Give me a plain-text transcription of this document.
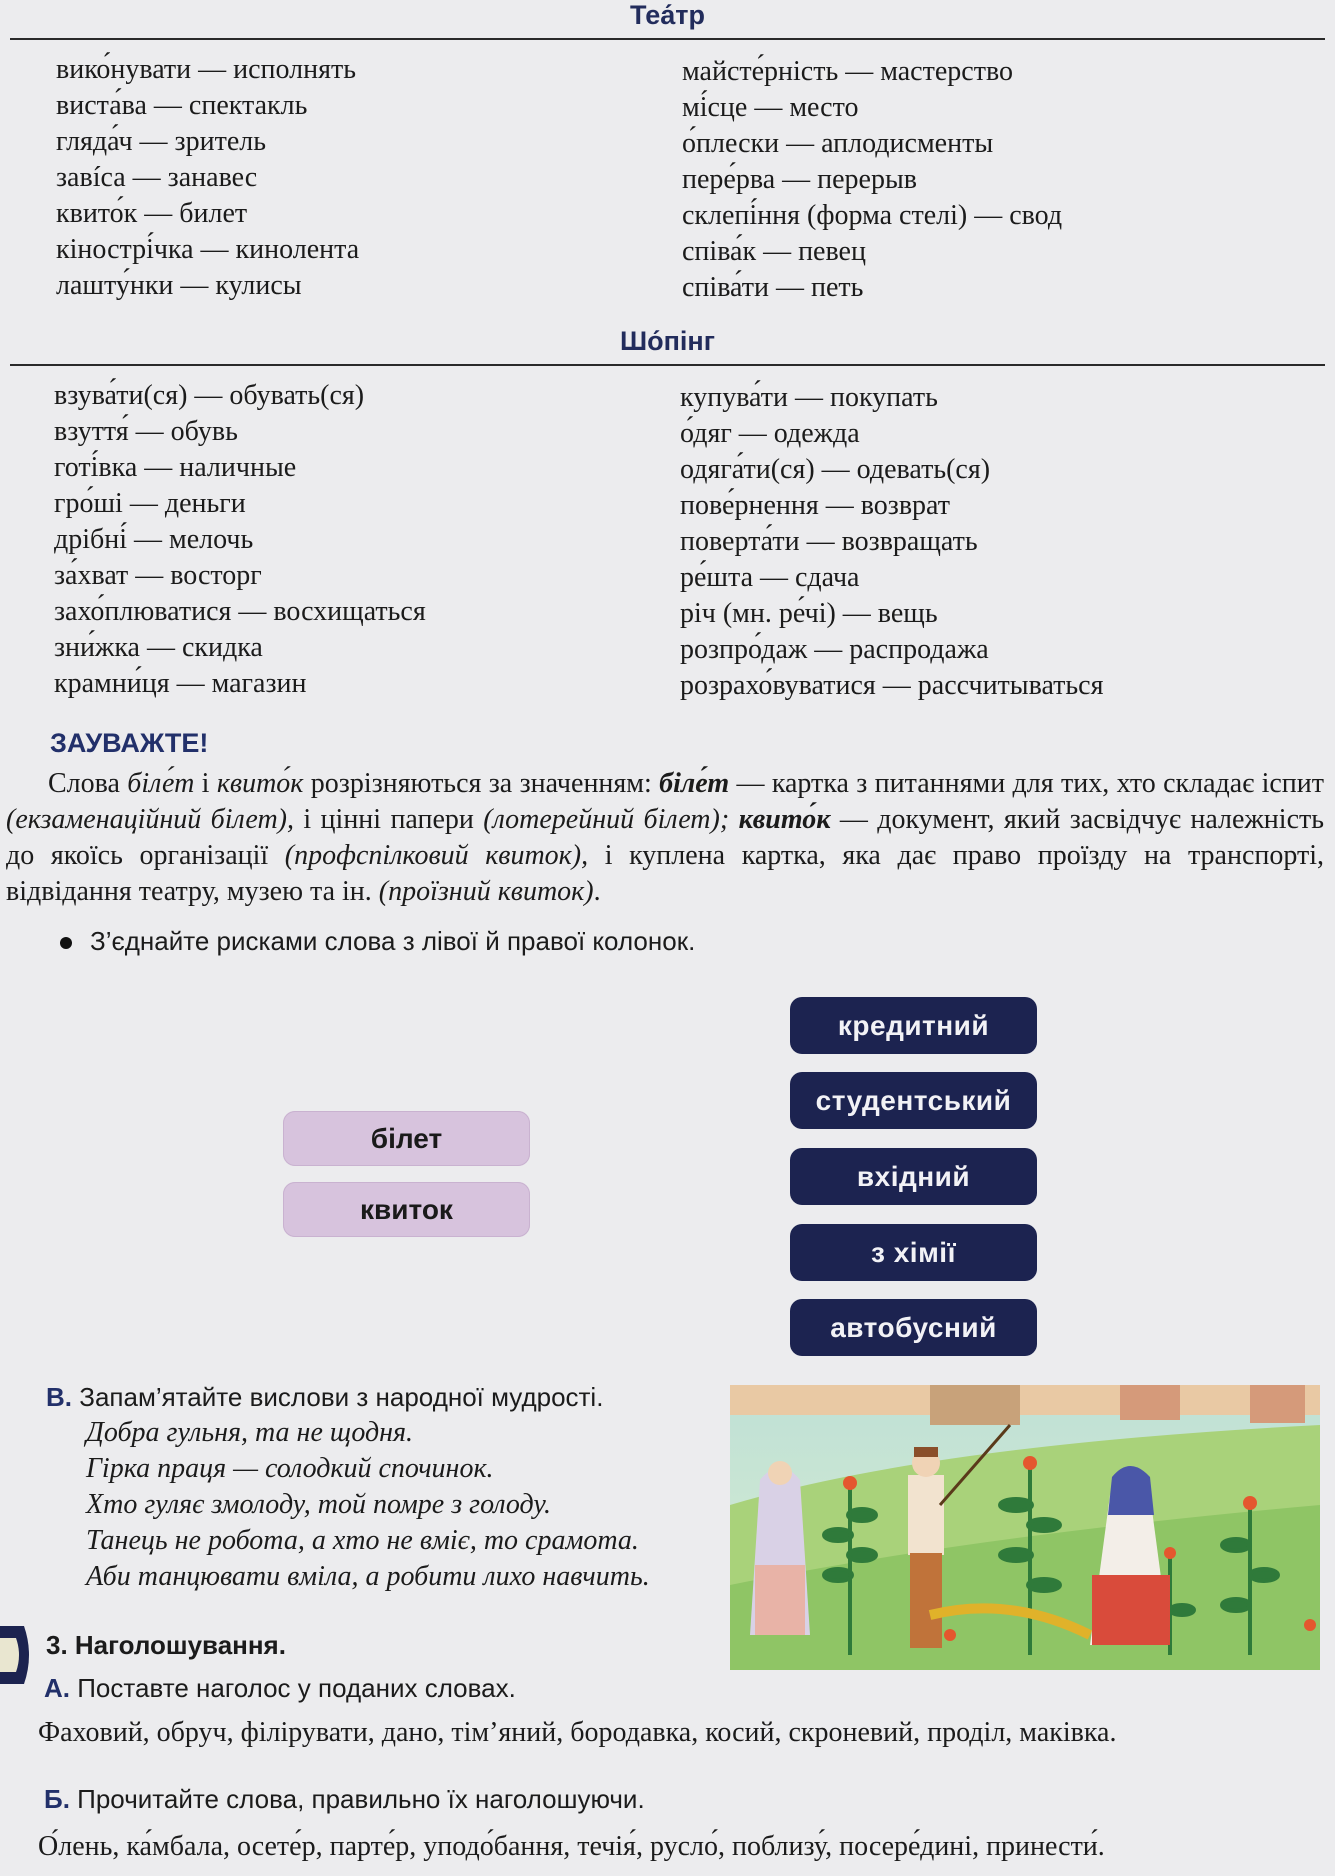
Теа́тр
вико́нувати — исполнять
виста́ва — спектакль
гляда́ч — зритель
завíса — занавес
квито́к — билет
кiнострі́чка — кинолента
лашту́нки — кулисы
майсте́рність — мастерство
мі́сце — место
о́плески — аплодисменты
пере́рва — перерыв
склепі́ння (форма стелі) — свод
співа́к — певец
співа́ти — петь
Шо́пінг
взува́ти(ся) — обувать(ся)
взуття́ — обувь
готі́вка — наличные
гро́ші — деньги
дрібні́ — мелочь
за́хват — восторг
захо́плюватися — восхищаться
зни́жка — скидка
крамни́ця — магазин
купува́ти — покупать
о́дяг — одежда
одяга́ти(ся) — одевать(ся)
пове́рнення — возврат
поверта́ти — возвращать
ре́шта — сдача
річ (мн. ре́чі) — вещь
розпро́даж — распродажа
розрахо́вуватися — рассчитываться
ЗАУВАЖТЕ!
Слова біле́т і квито́к розрізняються за значенням: біле́т — картка з питаннями для тих, хто складає іспит (екзаменаційний білет), і цінні папери (лотерейний білет); квито́к — документ, який засвідчує належність до якоїсь організації (профспілковий квиток), і куплена картка, яка дає право проїзду на транспорті, відвідання театру, музею та ін. (проїзний квиток).
З’єднайте рисками слова з лівої й правої колонок.
білет
квиток
кредитний
студентський
вхідний
з хімії
автобусний
В. Запам’ятайте вислови з народної мудрості.
Добра гульня, та не щодня.
Гірка праця — солодкий спочинок.
Хто гуляє змолоду, той помре з голоду.
Танець не робота, а хто не вміє, то срамота.
Аби танцювати вміла, а робити лихо навчить.
3. Наголошування.
А. Поставте наголос у поданих словах.
Фаховий, обруч, філірувати, дано, тім’яний, бородавка, косий, скроневий, продiл, маківка.
Б. Прочитайте слова, правильно їх наголошуючи.
О́лень, ка́мбала, осете́р, парте́р, уподо́бання, течія́, русло́, поблизу́, посере́дині, принести́.
